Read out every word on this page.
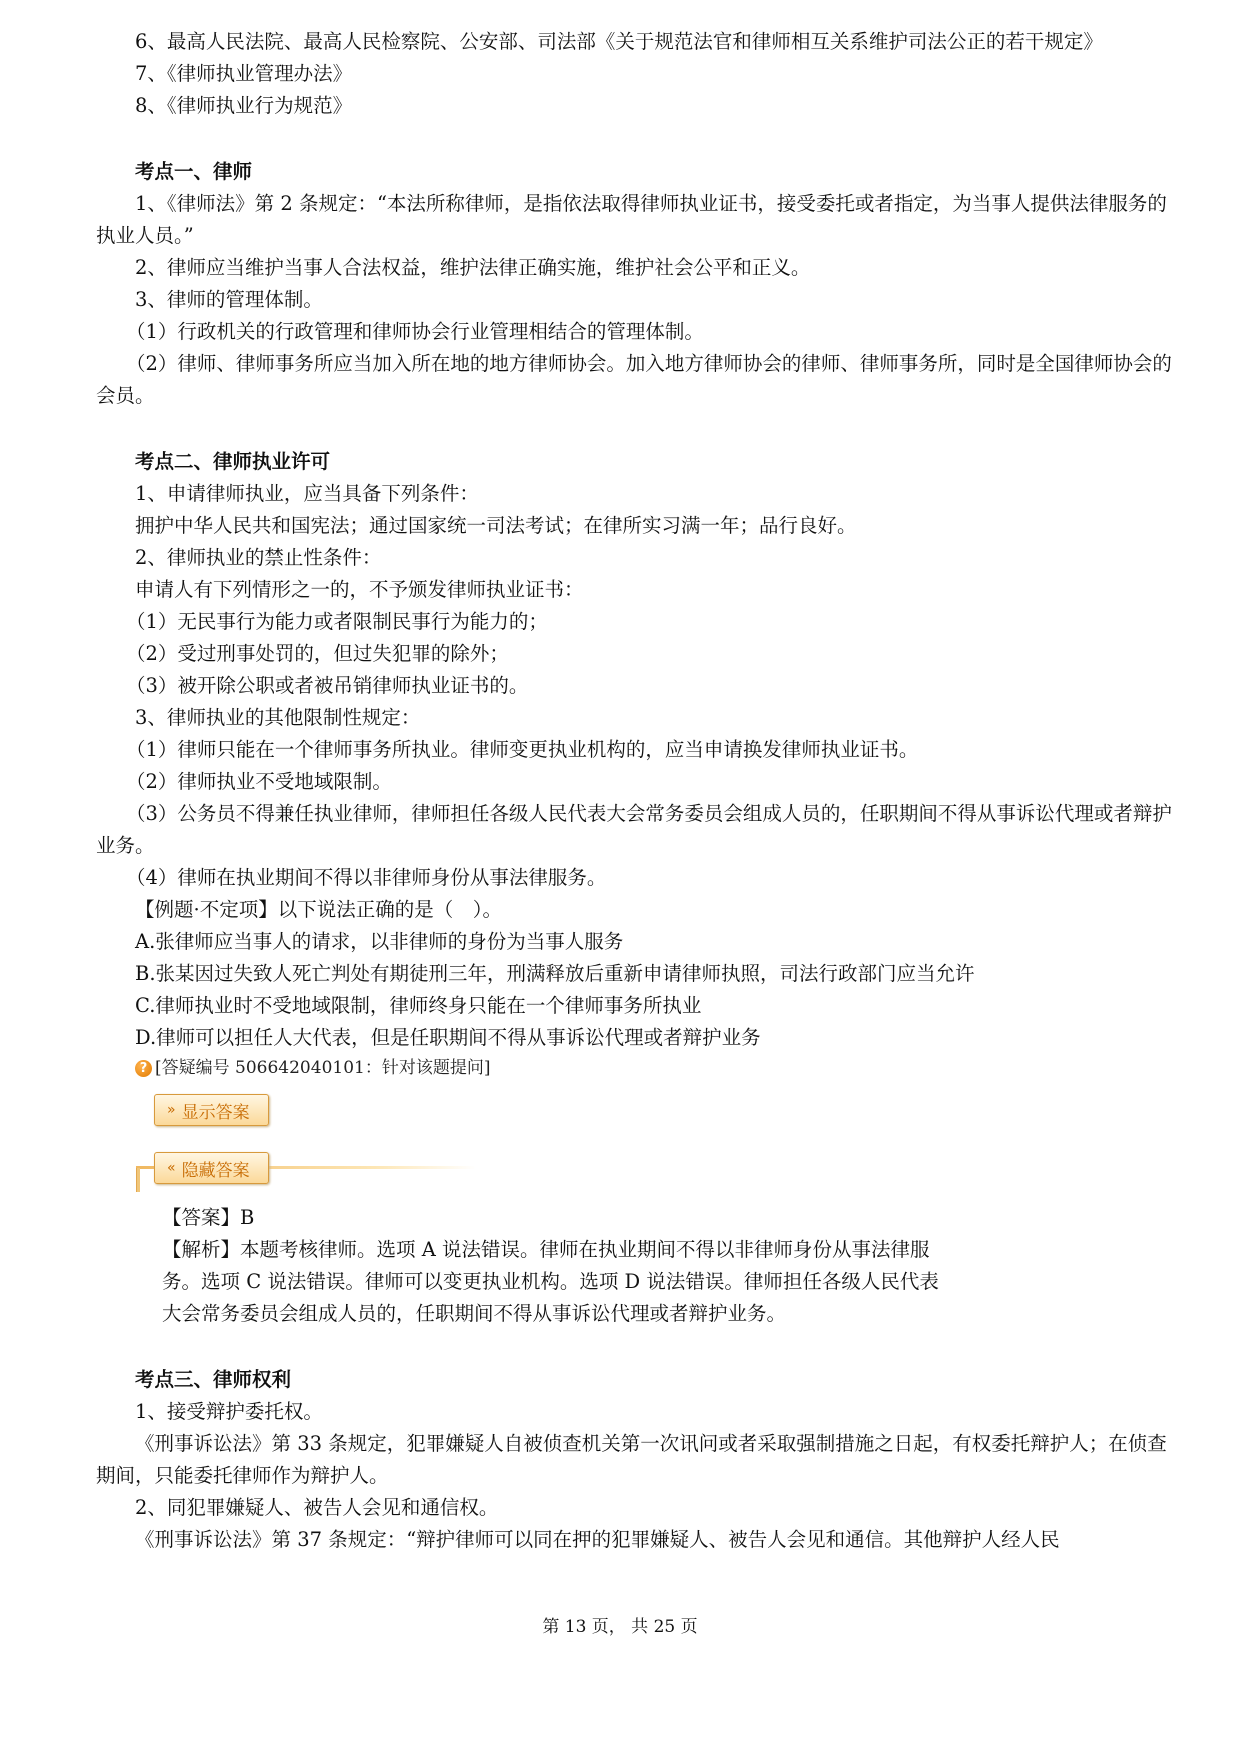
6、最高人民法院、最高人民检察院、公安部、司法部《关于规范法官和律师相互关系维护司法公正的若干规定》

7、《律师执业管理办法》

8、《律师执业行为规范》

考点一、律师

1、《律师法》第 2 条规定：“本法所称律师，是指依法取得律师执业证书，接受委托或者指定，为当事人提供法律服务的执业人员。”

2、律师应当维护当事人合法权益，维护法律正确实施，维护社会公平和正义。

3、律师的管理体制。

（1）行政机关的行政管理和律师协会行业管理相结合的管理体制。

（2）律师、律师事务所应当加入所在地的地方律师协会。加入地方律师协会的律师、律师事务所，同时是全国律师协会的会员。

考点二、律师执业许可

1、申请律师执业，应当具备下列条件：

拥护中华人民共和国宪法；通过国家统一司法考试；在律所实习满一年；品行良好。

2、律师执业的禁止性条件：

申请人有下列情形之一的，不予颁发律师执业证书：

（1）无民事行为能力或者限制民事行为能力的；

（2）受过刑事处罚的，但过失犯罪的除外；

（3）被开除公职或者被吊销律师执业证书的。

3、律师执业的其他限制性规定：

（1）律师只能在一个律师事务所执业。律师变更执业机构的，应当申请换发律师执业证书。

（2）律师执业不受地域限制。

（3）公务员不得兼任执业律师，律师担任各级人民代表大会常务委员会组成人员的，任职期间不得从事诉讼代理或者辩护业务。

（4）律师在执业期间不得以非律师身份从事法律服务。

【例题·不定项】以下说法正确的是（　）。

A.张律师应当事人的请求，以非律师的身份为当事人服务
B.张某因过失致人死亡判处有期徒刑三年，刑满释放后重新申请律师执照，司法行政部门应当允许
C.律师执业时不受地域限制，律师终身只能在一个律师事务所执业
D.律师可以担任人大代表，但是任职期间不得从事诉讼代理或者辩护业务
? [答疑编号 506642040101：针对该题提问]
» 显示答案
« 隐藏答案

【答案】B

【解析】本题考核律师。选项 A 说法错误。律师在执业期间不得以非律师身份从事法律服务。选项 C 说法错误。律师可以变更执业机构。选项 D 说法错误。律师担任各级人民代表大会常务委员会组成人员的，任职期间不得从事诉讼代理或者辩护业务。
考点三、律师权利

1、接受辩护委托权。

《刑事诉讼法》第 33 条规定，犯罪嫌疑人自被侦查机关第一次讯问或者采取强制措施之日起，有权委托辩护人；在侦查期间，只能委托律师作为辩护人。

2、同犯罪嫌疑人、被告人会见和通信权。

《刑事诉讼法》第 37 条规定：“辩护律师可以同在押的犯罪嫌疑人、被告人会见和通信。其他辩护人经人民

第 13 页， 共 25 页
